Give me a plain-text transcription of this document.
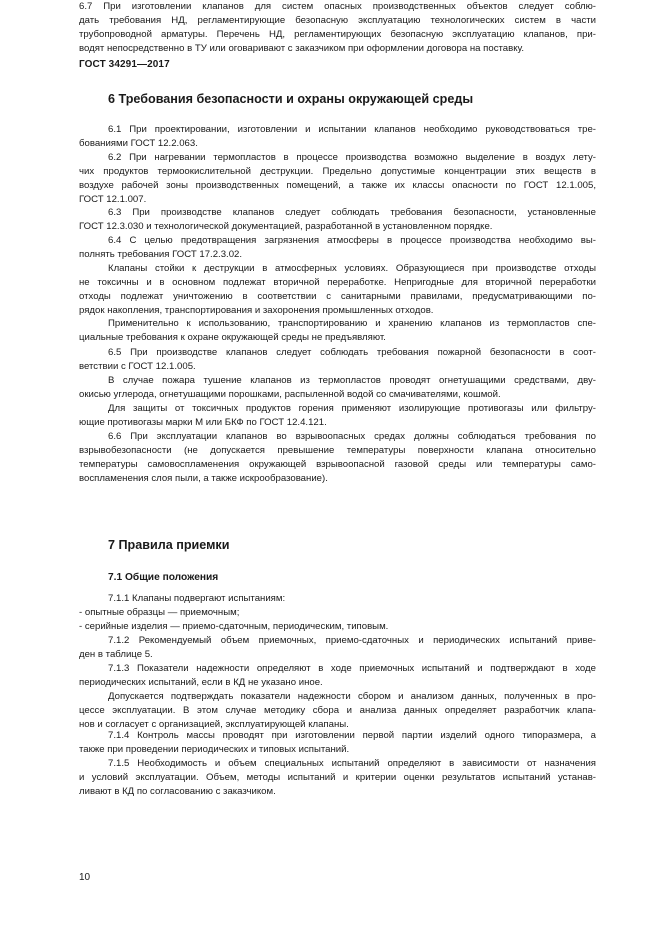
ГОСТ 34291—2017
6 Требования безопасности и охраны окружающей среды
6.1 При проектировании, изготовлении и испытании клапанов необходимо руководствоваться тре-
бованиями ГОСТ 12.2.063.
6.2 При нагревании термопластов в процессе производства возможно выделение в воздух лету-
чих продуктов термоокислительной деструкции. Предельно допустимые концентрации этих веществ в
воздухе рабочей зоны производственных помещений, а также их классы опасности по ГОСТ 12.1.005,
ГОСТ 12.1.007.
6.3 При производстве клапанов следует соблюдать требования безопасности, установленные
ГОСТ 12.3.030 и технологической документацией, разработанной в установленном порядке.
6.4 С целью предотвращения загрязнения атмосферы в процессе производства необходимо вы-
полнять требования ГОСТ 17.2.3.02.
Клапаны стойки к деструкции в атмосферных условиях. Образующиеся при производстве отходы
не токсичны и в основном подлежат вторичной переработке. Непригодные для вторичной переработки
отходы подлежат уничтожению в соответствии с санитарными правилами, предусматривающими по-
рядок накопления, транспортирования и захоронения промышленных отходов.
Применительно к использованию, транспортированию и хранению клапанов из термопластов спе-
циальные требования к охране окружающей среды не предъявляют.
6.5 При производстве клапанов следует соблюдать требования пожарной безопасности в соот-
ветствии с ГОСТ 12.1.005.
В случае пожара тушение клапанов из термопластов проводят огнетушащими средствами, дву-
окисью углерода, огнетушащими порошками, распыленной водой со смачивателями, кошмой.
Для защиты от токсичных продуктов горения применяют изолирующие противогазы или фильтру-
ющие противогазы марки М или БКФ по ГОСТ 12.4.121.
6.6 При эксплуатации клапанов во взрывоопасных средах должны соблюдаться требования по
взрывобезопасности (не допускается превышение температуры поверхности клапана относительно
температуры самовоспламенения окружающей взрывоопасной газовой среды или температуры само-
воспламенения слоя пыли, а также искрообразование).
6.7 При изготовлении клапанов для систем опасных производственных объектов следует соблю-
дать требования НД, регламентирующие безопасную эксплуатацию технологических систем в части
трубопроводной арматуры. Перечень НД, регламентирующих безопасную эксплуатацию клапанов, при-
водят непосредственно в ТУ или оговаривают с заказчиком при оформлении договора на поставку.
7 Правила приемки
7.1 Общие положения
7.1.1 Клапаны подвергают испытаниям:
- опытные образцы — приемочным;
- серийные изделия — приемо-сдаточным, периодическим, типовым.
7.1.2 Рекомендуемый объем приемочных, приемо-сдаточных и периодических испытаний приве-
ден в таблице 5.
7.1.3 Показатели надежности определяют в ходе приемочных испытаний и подтверждают в ходе
периодических испытаний, если в КД не указано иное.
Допускается подтверждать показатели надежности сбором и анализом данных, полученных в про-
цессе эксплуатации. В этом случае методику сбора и анализа данных определяет разработчик клапа-
нов и согласует с организацией, эксплуатирующей клапаны.
7.1.4 Контроль массы проводят при изготовлении первой партии изделий одного типоразмера, а
также при проведении периодических и типовых испытаний.
7.1.5 Необходимость и объем специальных испытаний определяют в зависимости от назначения
и условий эксплуатации. Объем, методы испытаний и критерии оценки результатов испытаний устанав-
ливают в КД по согласованию с заказчиком.
10
